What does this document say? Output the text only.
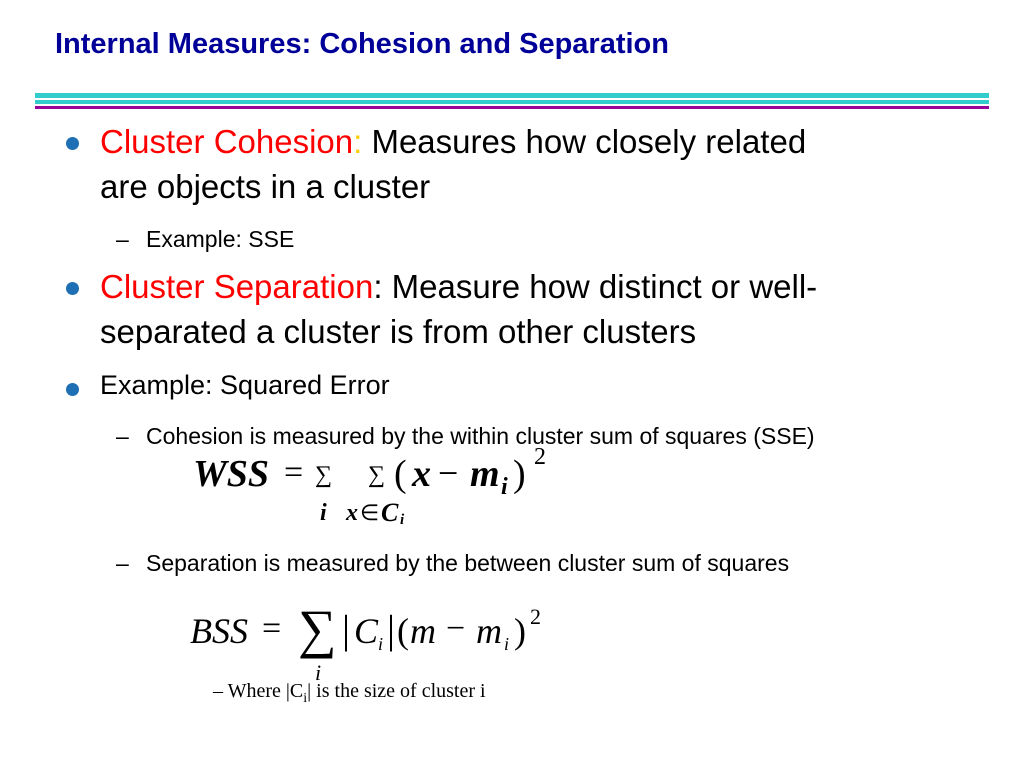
Internal Measures: Cohesion and Separation
Cluster Cohesion: Measures how closely related
are objects in a cluster
– Example: SSE
Cluster Separation: Measure how distinct or well-
separated a cluster is from other clusters
Example: Squared Error
– Cohesion is measured by the within cluster sum of squares (SSE)
WSS = ∑ ∑ ( x − m i ) 2
i x ∈ C i
– Separation is measured by the between cluster sum of squares
BSS = ∑ | C i | ( m − m i ) 2
i
– Where $|C_i|$ is the size of cluster i
